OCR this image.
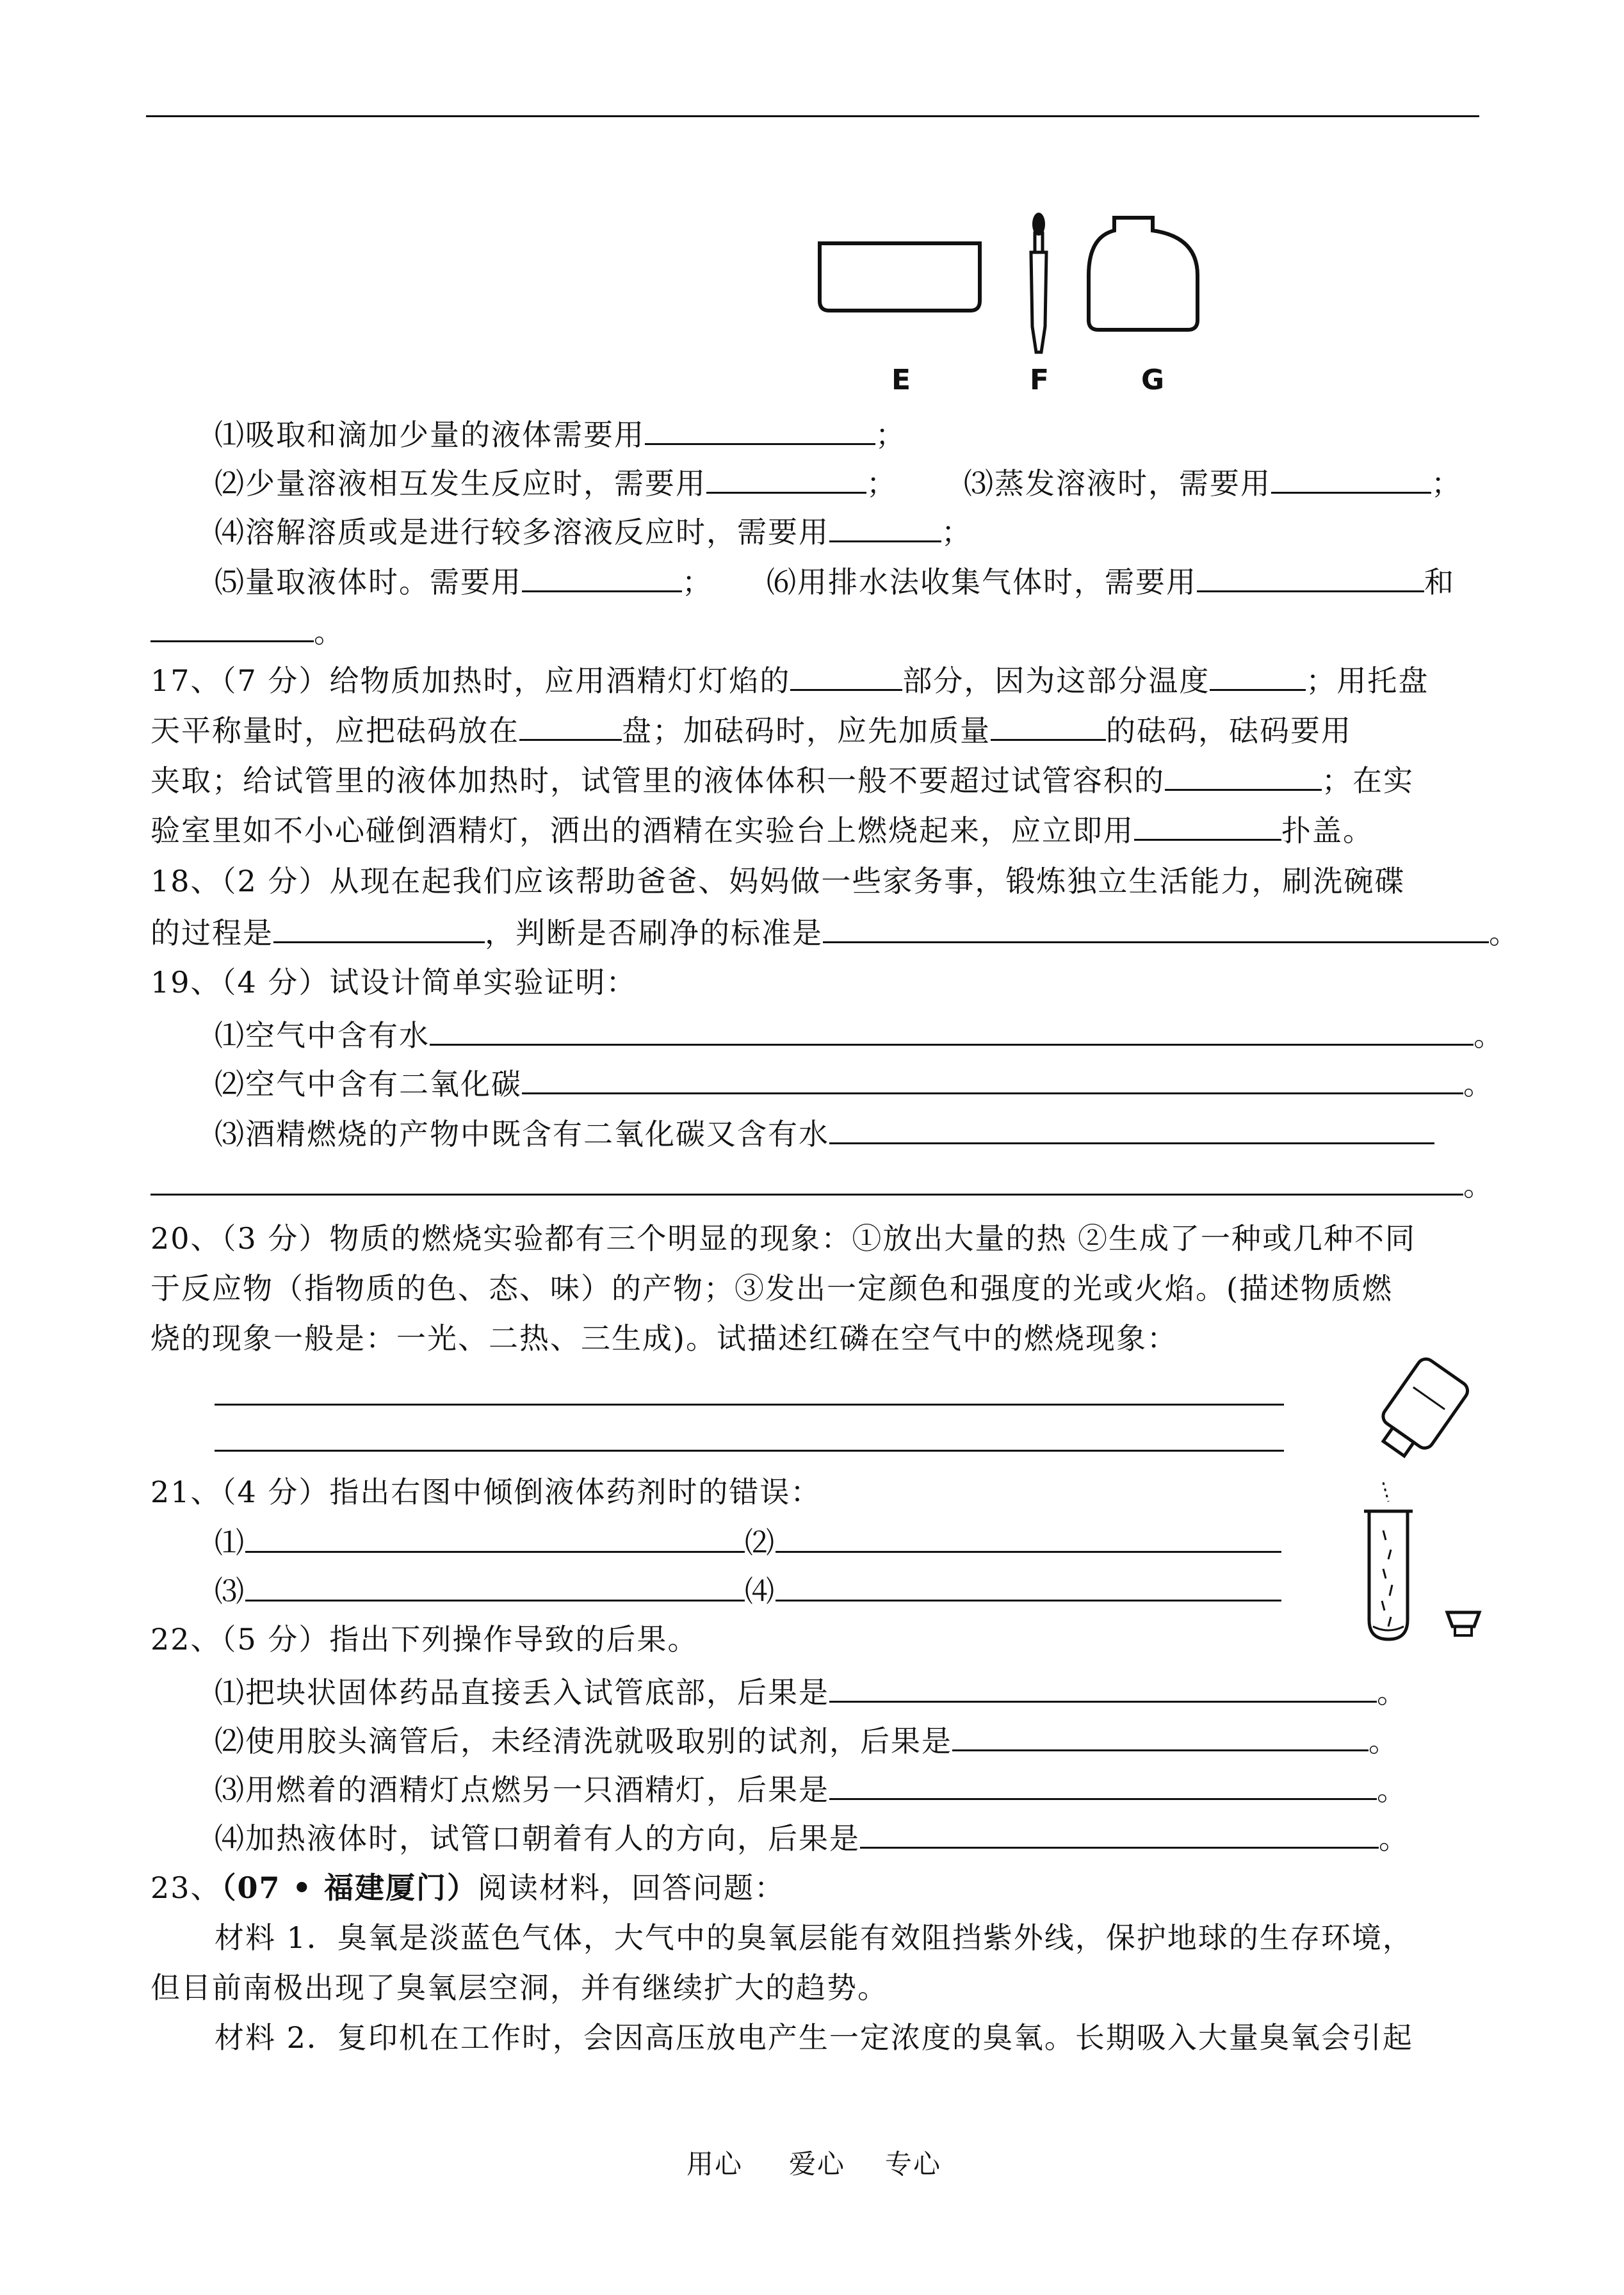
E	F	G
⑴吸取和滴加少量的液体需要用	；
⑵少量溶液相互发生反应时，需要用	； ⑶蒸发溶液时，需要用	；
⑷溶解溶质或是进行较多溶液反应时，需要用	；
⑸量取液体时。需要用	； ⑹用排水法收集气体时，需要用	和
。
17、（7 分）给物质加热时，应用酒精灯灯焰的	部分，因为这部分温度	；用托盘
天平称量时，应把砝码放在	盘；加砝码时，应先加质量	的砝码，砝码要用
夹取；给试管里的液体加热时，试管里的液体体积一般不要超过试管容积的	；在实
验室里如不小心碰倒酒精灯，洒出的酒精在实验台上燃烧起来，应立即用	扑盖。
18、（2 分）从现在起我们应该帮助爸爸、妈妈做一些家务事，锻炼独立生活能力，刷洗碗碟
的过程是	，判断是否刷净的标准是	。
19、（4 分）试设计简单实验证明：
⑴空气中含有水	。
⑵空气中含有二氧化碳	。
⑶酒精燃烧的产物中既含有二氧化碳又含有水
。
20、（3 分）物质的燃烧实验都有三个明显的现象：①放出大量的热 ②生成了一种或几种不同
于反应物（指物质的色、态、味）的产物；③发出一定颜色和强度的光或火焰。(描述物质燃
烧的现象一般是：一光、二热、三生成)。试描述红磷在空气中的燃烧现象：
21、（4 分）指出右图中倾倒液体药剂时的错误：
⑴	⑵
⑶	⑷
22、（5 分）指出下列操作导致的后果。
⑴把块状固体药品直接丢入试管底部，后果是	。
⑵使用胶头滴管后，未经清洗就吸取别的试剂，后果是	。
⑶用燃着的酒精灯点燃另一只酒精灯，后果是	。
⑷加热液体时，试管口朝着有人的方向，后果是	。
23、（07 • 福建厦门）阅读材料，回答问题：
材料 1．臭氧是淡蓝色气体，大气中的臭氧层能有效阻挡紫外线，保护地球的生存环境，
但目前南极出现了臭氧层空洞，并有继续扩大的趋势。
材料 2．复印机在工作时，会因高压放电产生一定浓度的臭氧。长期吸入大量臭氧会引起
用心 爱心 专心
